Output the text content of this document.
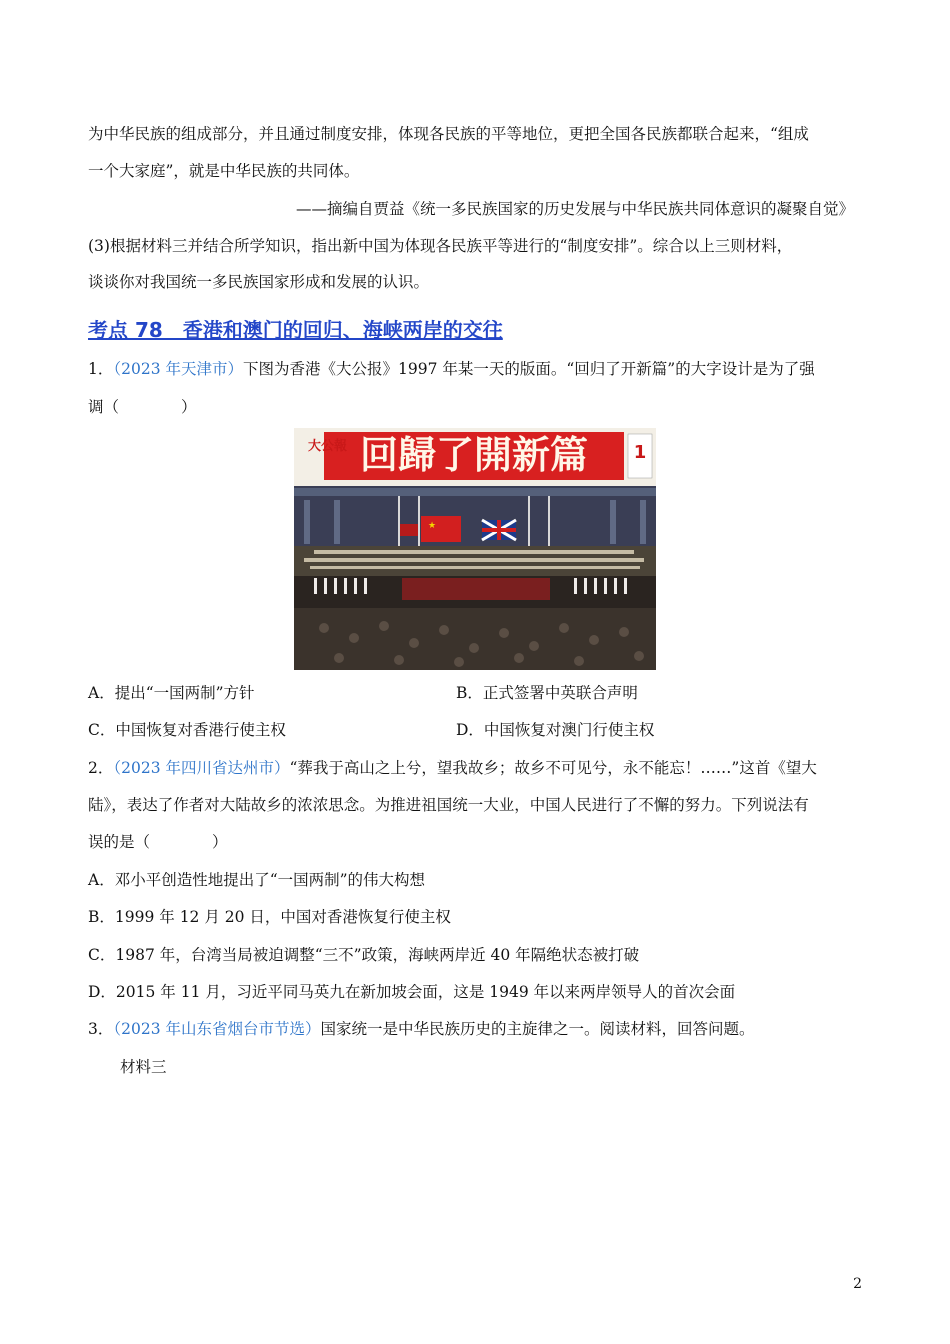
为中华民族的组成部分，并且通过制度安排，体现各民族的平等地位，更把全国各民族都联合起来，“组成
一个大家庭”，就是中华民族的共同体。
——摘编自贾益《统一多民族国家的历史发展与中华民族共同体意识的凝聚自觉》
(3)根据材料三并结合所学知识，指出新中国为体现各民族平等进行的“制度安排”。综合以上三则材料，
谈谈你对我国统一多民族国家形成和发展的认识。
考点 78　香港和澳门的回归、海峡两岸的交往
1．（2023 年天津市）下图为香港《大公报》1997 年某一天的版面。“回归了开新篇”的大字设计是为了强
调（　　　　）
大公報 回歸了開新篇	1
★
A．提出“一国两制”方针	B．正式签署中英联合声明
C．中国恢复对香港行使主权	D．中国恢复对澳门行使主权
2．（2023 年四川省达州市）“葬我于高山之上兮，望我故乡；故乡不可见兮，永不能忘！……”这首《望大
陆》，表达了作者对大陆故乡的浓浓思念。为推进祖国统一大业，中国人民进行了不懈的努力。下列说法有
误的是（　　　　）
A．邓小平创造性地提出了“一国两制”的伟大构想
B．1999 年 12 月 20 日，中国对香港恢复行使主权
C．1987 年，台湾当局被迫调整“三不”政策，海峡两岸近 40 年隔绝状态被打破
D．2015 年 11 月，习近平同马英九在新加坡会面，这是 1949 年以来两岸领导人的首次会面
3．（2023 年山东省烟台市节选）国家统一是中华民族历史的主旋律之一。阅读材料，回答问题。
材料三
2
